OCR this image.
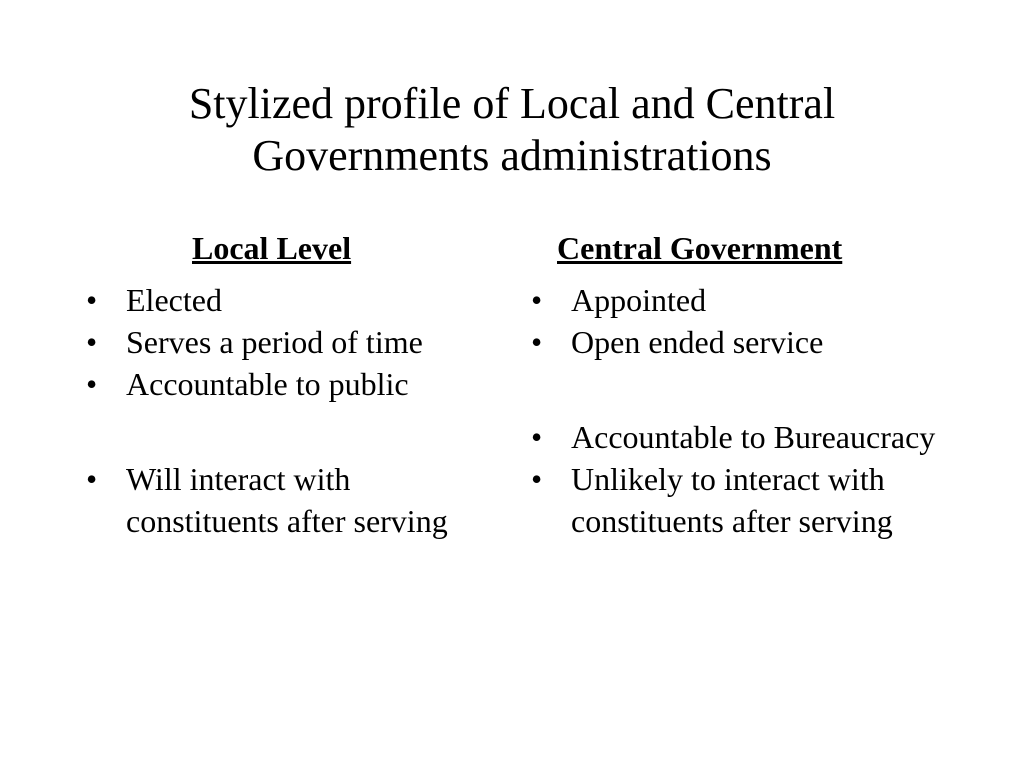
Stylized profile of Local and Central
Governments administrations

Local Level

• Elected
• Serves a period of time
• Accountable to public
• Will interact with constituents after serving

Central Government

• Appointed
• Open ended service
• Accountable to Bureaucracy
• Unlikely to interact with constituents after serving
